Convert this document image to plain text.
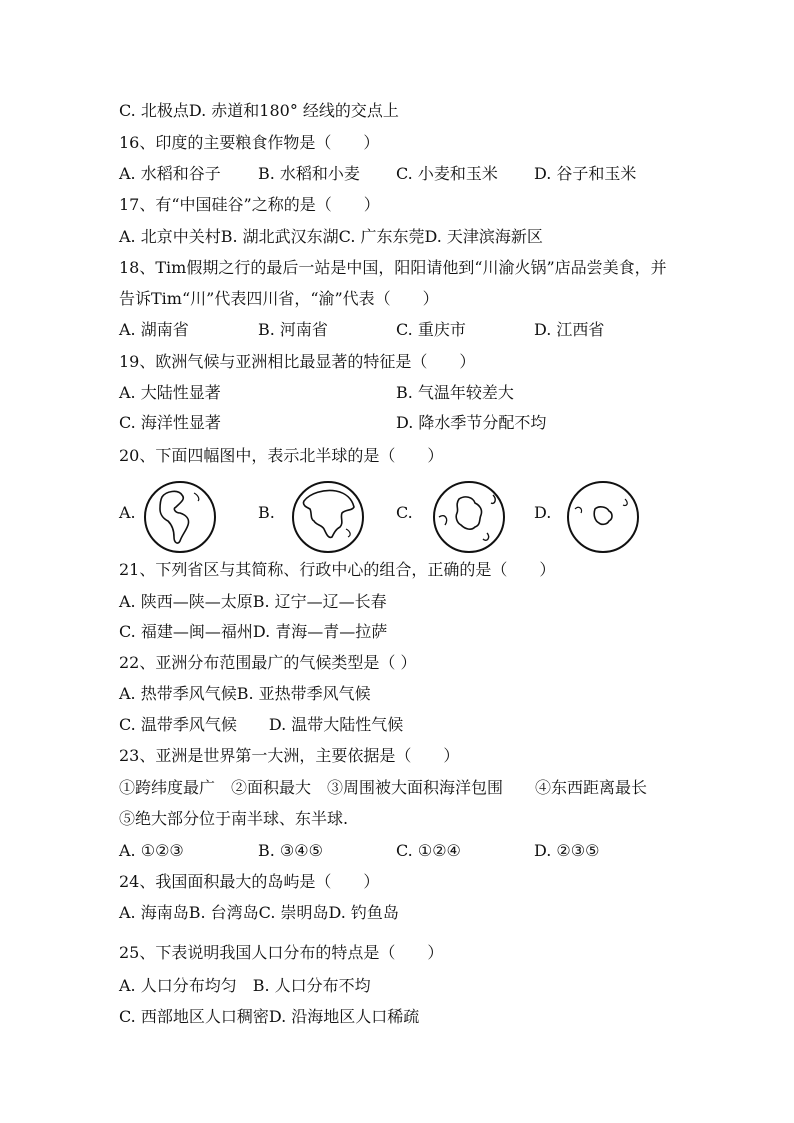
C. 北极点D. 赤道和180° 经线的交点上
16、印度的主要粮食作物是（　　）
A. 水稻和谷子 B. 水稻和小麦 C. 小麦和玉米 D. 谷子和玉米
17、有“中国硅谷”之称的是（　　）
A. 北京中关村B. 湖北武汉东湖C. 广东东莞D. 天津滨海新区
18、Tim假期之行的最后一站是中国，阳阳请他到“川渝火锅”店品尝美食，并
告诉Tim“川”代表四川省，“渝”代表（　　）
A. 湖南省	B. 河南省	C. 重庆市	D. 江西省
19、欧洲气候与亚洲相比最显著的特征是（　　）
A. 大陆性显著	B. 气温年较差大
C. 海洋性显著	D. 降水季节分配不均
20、下面四幅图中，表示北半球的是（　　）
A.	B.	C.	D.
21、下列省区与其简称、行政中心的组合，正确的是（　　）
A. 陕西—陕—太原B. 辽宁—辽—长春
C. 福建—闽—福州D. 青海—青—拉萨
22、亚洲分布范围最广的气候类型是（ ）
A. 热带季风气候B. 亚热带季风气候
C. 温带季风气候　　D. 温带大陆性气候
23、亚洲是世界第一大洲，主要依据是（　　）
①跨纬度最广　②面积最大　③周围被大面积海洋包围　　④东西距离最长
⑤绝大部分位于南半球、东半球.
A. ①②③	B. ③④⑤	C. ①②④	D. ②③⑤
24、我国面积最大的岛屿是（　　）
A. 海南岛B. 台湾岛C. 崇明岛D. 钓鱼岛
25、下表说明我国人口分布的特点是（　　）
A. 人口分布均匀　B. 人口分布不均
C. 西部地区人口稠密D. 沿海地区人口稀疏
